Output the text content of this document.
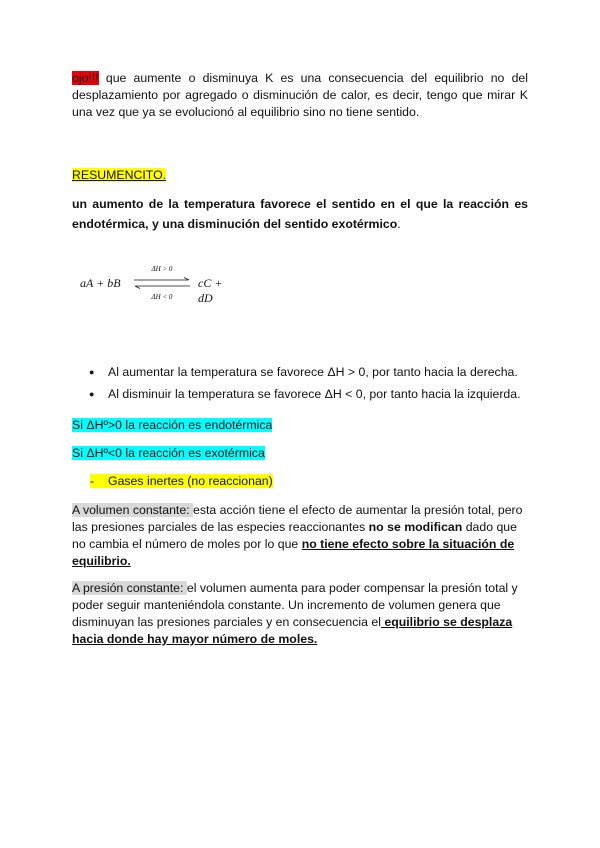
ojo!!! que aumente o disminuya K es una consecuencia del equilibrio no del desplazamiento por agregado o disminución de calor, es decir, tengo que mirar K una vez que ya se evolucionó al equilibrio sino no tiene sentido.

RESUMENCITO.

un aumento de la temperatura favorece el sentido en el que la reacción es endotérmica, y una disminución del sentido exotérmico.

● Al aumentar la temperatura se favorece ΔH > 0, por tanto hacia la derecha.
● Al disminuir la temperatura se favorece ΔH < 0, por tanto hacia la izquierda.

Si ΔHº>0 la reacción es endotérmica

Si ΔHº<0 la reacción es exotérmica

- Gases inertes (no reaccionan)

A volumen constante: esta acción tiene el efecto de aumentar la presión total, pero las presiones parciales de las especies reaccionantes no se modifican dado que no cambia el número de moles por lo que no tiene efecto sobre la situación de equilibrio.

A presión constante: el volumen aumenta para poder compensar la presión total y poder seguir manteniéndola constante. Un incremento de volumen genera que disminuyan las presiones parciales y en consecuencia el equilibrio se desplaza hacia donde hay mayor número de moles.

aA + bB
ΔH > 0
ΔH < 0
cC + dD
